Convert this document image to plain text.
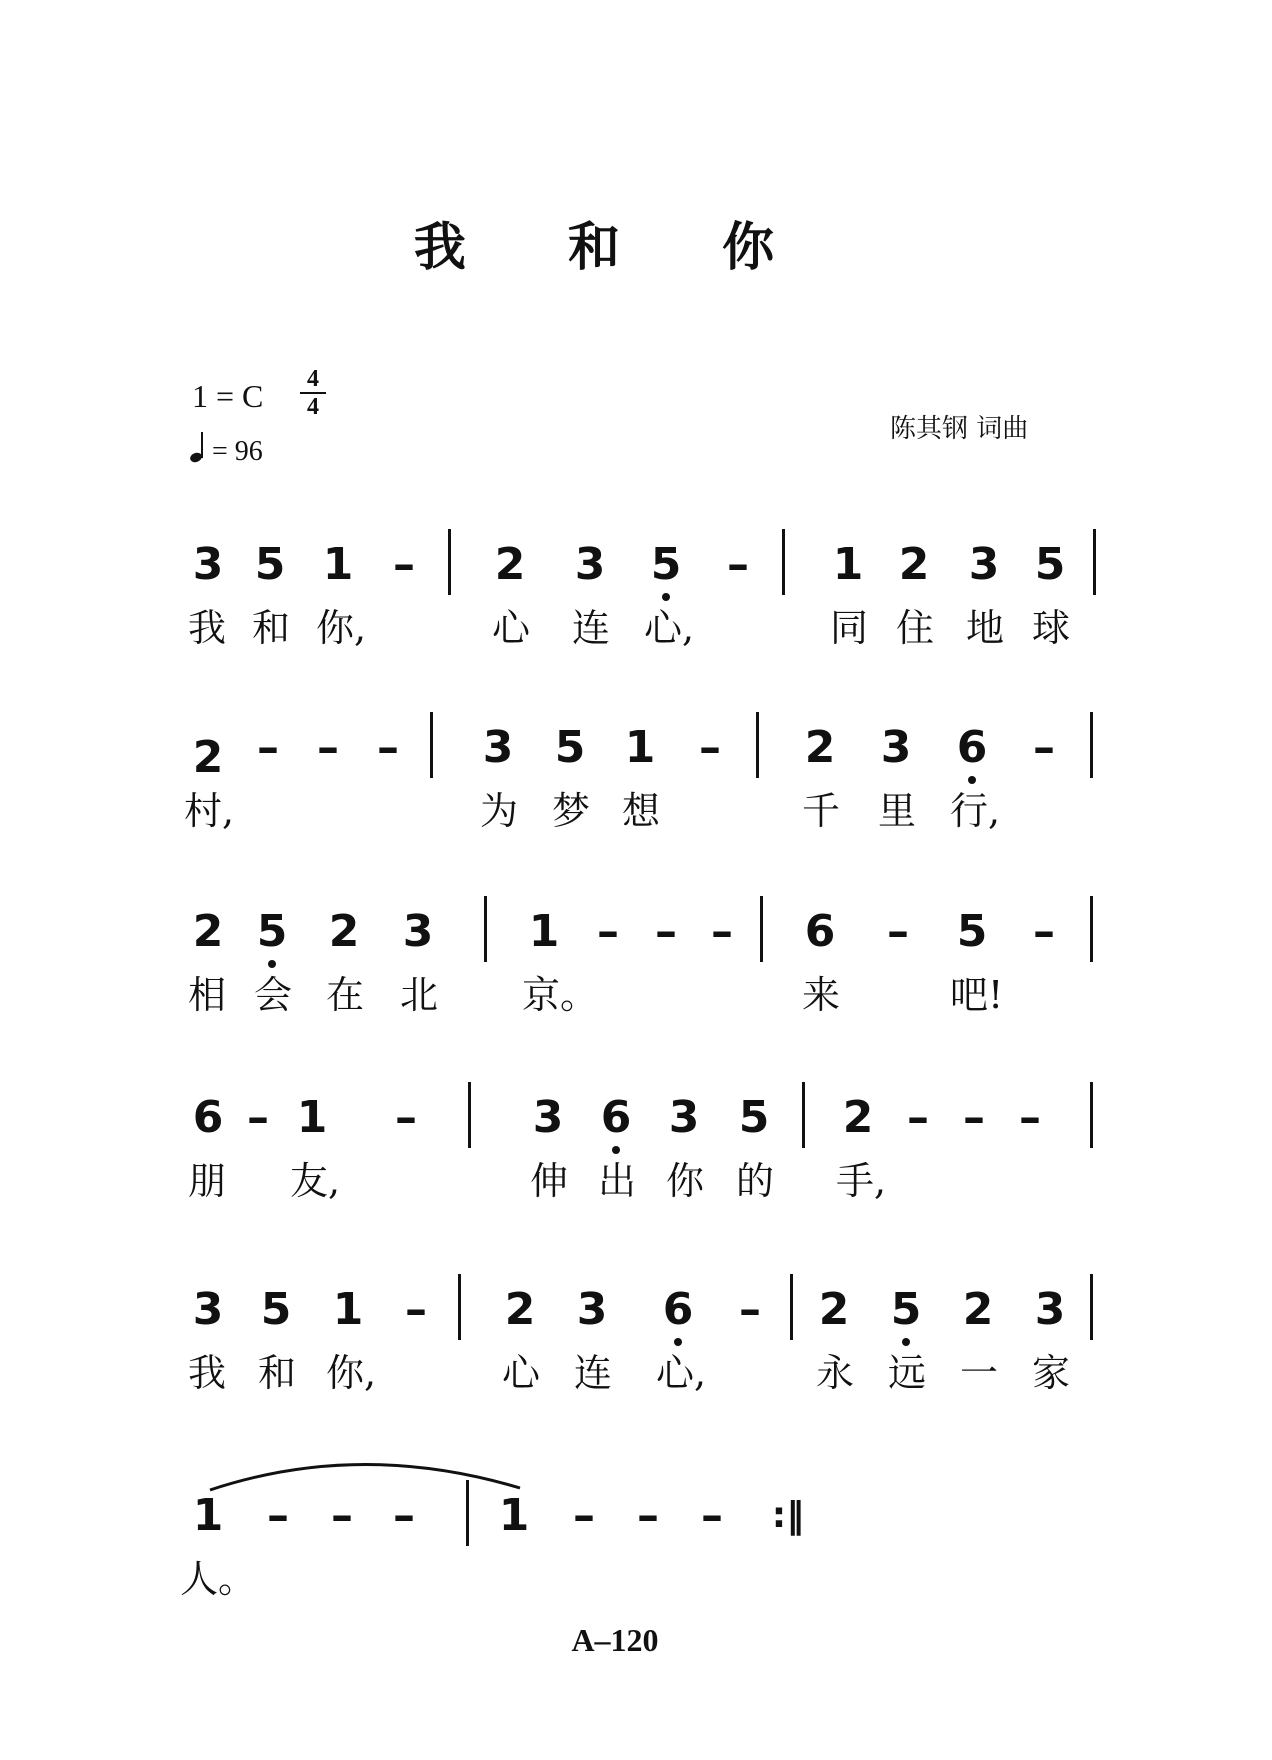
我 和 你
1 = C 4
4
= 96
陈其钢 词曲
3 5 1 – 2 3 5 – 1 2 3 5
我 和 你,	心 连 心,	同 住 地 球
2 – – – 3 5 1 – 2 3 6 –
村,	为 梦 想	千 里 行,
2 5 2 3 1 – – – 6 – 5 –
相 会 在 北 京。	来	吧!
6 – 1 –	3 6 3 5 2 – – –
朋 友,	伸 出 你 的 手,
3 5 1 – 2 3 6 – 2 5 2 3
我 和 你,	心 连 心,	永 远 一 家
1 – – – 1 – – – :‖
人。
A–120
